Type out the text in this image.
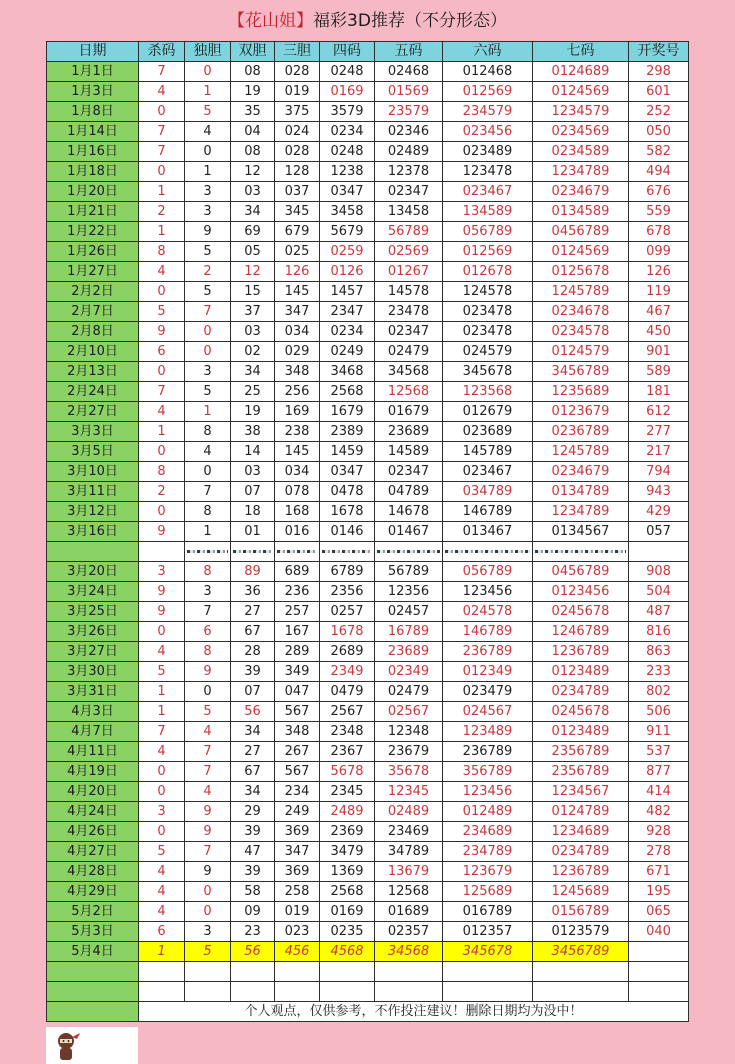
【花山姐】福彩3D推荐（不分形态）
日期	杀码	独胆	双胆	三胆	四码	五码	六码	七码	开奖号
1月1日	7	0	08	028	0248	02468	012468	0124689	298
1月3日	4	1	19	019	0169	01569	012569	0124569	601
1月8日	0	5	35	375	3579	23579	234579	1234579	252
1月14日	7	4	04	024	0234	02346	023456	0234569	050
1月16日	7	0	08	028	0248	02489	023489	0234589	582
1月18日	0	1	12	128	1238	12378	123478	1234789	494
1月20日	1	3	03	037	0347	02347	023467	0234679	676
1月21日	2	3	34	345	3458	13458	134589	0134589	559
1月22日	1	9	69	679	5679	56789	056789	0456789	678
1月26日	8	5	05	025	0259	02569	012569	0124569	099
1月27日	4	2	12	126	0126	01267	012678	0125678	126
2月2日	0	5	15	145	1457	14578	124578	1245789	119
2月7日	5	7	37	347	2347	23478	023478	0234678	467
2月8日	9	0	03	034	0234	02347	023478	0234578	450
2月10日	6	0	02	029	0249	02479	024579	0124579	901
2月13日	0	3	34	348	3468	34568	345678	3456789	589
2月24日	7	5	25	256	2568	12568	123568	1235689	181
2月27日	4	1	19	169	1679	01679	012679	0123679	612
3月3日	1	8	38	238	2389	23689	023689	0236789	277
3月5日	0	4	14	145	1459	14589	145789	1245789	217
3月10日	8	0	03	034	0347	02347	023467	0234679	794
3月11日	2	7	07	078	0478	04789	034789	0134789	943
3月12日	0	8	18	168	1678	14678	146789	1234789	429
3月16日	9	1	01	016	0146	01467	013467	0134567	057

3月20日	3	8	89	689	6789	56789	056789	0456789	908
3月24日	9	3	36	236	2356	12356	123456	0123456	504
3月25日	9	7	27	257	0257	02457	024578	0245678	487
3月26日	0	6	67	167	1678	16789	146789	1246789	816
3月27日	4	8	28	289	2689	23689	236789	1236789	863
3月30日	5	9	39	349	2349	02349	012349	0123489	233
3月31日	1	0	07	047	0479	02479	023479	0234789	802
4月3日	1	5	56	567	2567	02567	024567	0245678	506
4月7日	7	4	34	348	2348	12348	123489	0123489	911
4月11日	4	7	27	267	2367	23679	236789	2356789	537
4月19日	0	7	67	567	5678	35678	356789	2356789	877
4月20日	0	4	34	234	2345	12345	123456	1234567	414
4月24日	3	9	29	249	2489	02489	012489	0124789	482
4月26日	0	9	39	369	2369	23469	234689	1234689	928
4月27日	5	7	47	347	3479	34789	234789	0234789	278
4月28日	4	9	39	369	1369	13679	123679	1236789	671
4月29日	4	0	58	258	2568	12568	125689	1245689	195
5月2日	4	0	09	019	0169	01689	016789	0156789	065
5月3日	6	3	23	023	0235	02357	012357	0123579	040
5月4日	1	5	56	456	4568	34568	345678	3456789	

	个人观点，仅供参考，不作投注建议！删除日期均为没中！								
